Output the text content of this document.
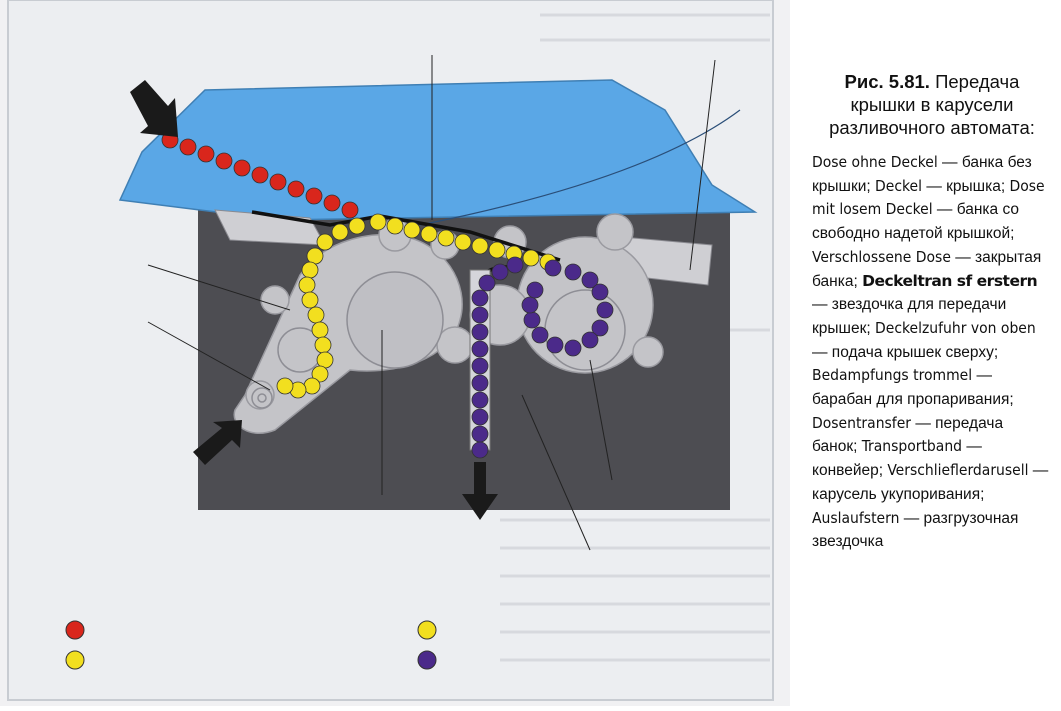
Рис. 5.81. Передача крышки в карусели разливочного автомата:

Dose ohne Deckel — банка без крышки; Deckel — крышка; Dose mit losem Deckel — банка со свободно надетой крышкой; Verschlossene Dose — закрытая банка; Deckeltran sf erstern — звездочка для передачи крышек; Deckelzufuhr von oben — подача крышек сверху; Bedampfungs trommel — барабан для пропаривания; Dosentransfer — передача банок; Transportband — конвейер; Verschlieflerdarusell — карусель укупоривания; Auslaufstern — разгрузочная звездочка
